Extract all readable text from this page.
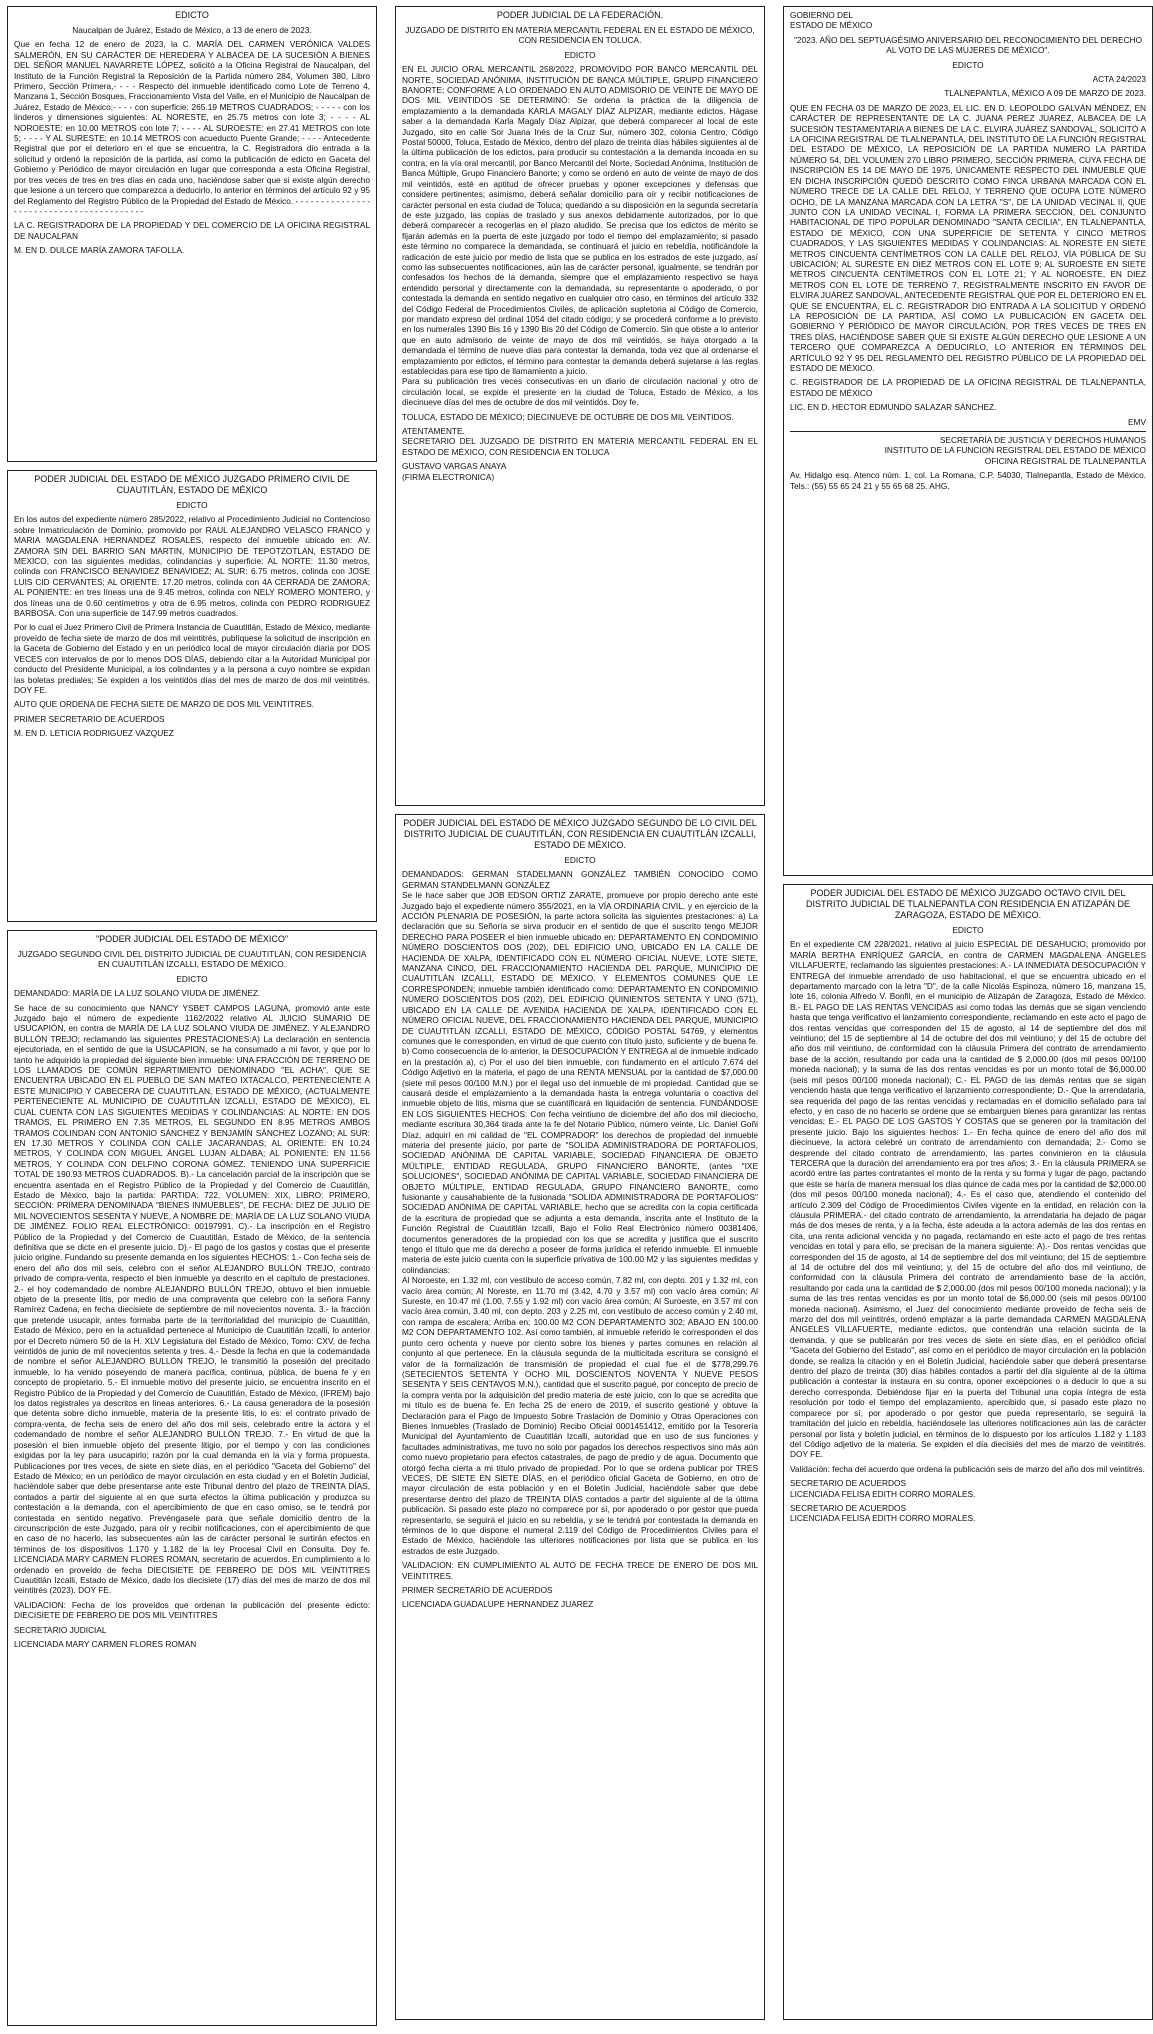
EDICTO

Naucalpan de Juárez, Estado de México, a 13 de enero de 2023.

Que en fecha 12 de enero de 2023, la C. MARÍA DEL CARMEN VERÓNICA VALDES SALMERÓN, EN SU CARÁCTER DE HEREDERA Y ALBACEA DE LA SUCESIÓN A BIENES DEL SEÑOR MANUEL NAVARRETE LÓPEZ, solicitó a la Oficina Registral de Naucalpan, del Instituto de la Función Registral la Reposición de la Partida número 284, Volumen 380, Libro Primero, Sección Primera,- - - - Respecto del inmueble identificado como Lote de Terreno 4, Manzana 1, Sección Bosques, Fraccionamiento Vista del Valle, en el Municipio de Naucalpan de Juárez, Estado de México;- - - - con superficie: 265.19 METROS CUADRADOS; - - - - - con los linderos y dimensiones siguientes: AL NORESTE, en 25.75 metros con lote 3; - - - - AL NOROESTE: en 10.00 METROS con lote 7; - - - - AL SUROESTE: en 27.41 METROS con lote 5; - - - - Y AL SURESTE: en 10.14 METROS con acueducto Puente Grande; - - - - Antecedente Registral que por el deterioro en el que se encuentra, la C. Registradora dio entrada a la solicitud y ordenó la reposición de la partida, así como la publicación de edicto en Gaceta del Gobierno y Periódico de mayor circulación en lugar que corresponda a esta Oficina Registral, por tres veces de tres en tres días en cada uno, haciéndose saber que si existe algún derecho que lesione a un tercero que comparezca a deducirlo, lo anterior en términos del artículo 92 y 95 del Reglamento del Registro Público de la Propiedad del Estado de México. - - - - - - - - - - - - - - - - - - - - - - - - - - - - - - - - - - - - - - - - -

LA C. REGISTRADORA DE LA PROPIEDAD Y DEL COMERCIO DE LA OFICINA REGISTRAL DE NAUCALPAN

M. EN D. DULCE MARÍA ZAMORA TAFOLLA.

PODER JUDICIAL DEL ESTADO DE MÉXICO JUZGADO PRIMERO CIVIL DE CUAUTITLÁN, ESTADO DE MÉXICO

EDICTO

En los autos del expediente número 285/2022, relativo al Procedimiento Judicial no Contencioso sobre Inmatriculación de Dominio, promovido por RAUL ALEJANDRO VELASCO FRANCO y MARIA MAGDALENA HERNANDEZ ROSALES, respecto del inmueble ubicado en: AV. ZAMORA SIN DEL BARRIO SAN MARTIN, MUNICIPIO DE TEPOTZOTLAN, ESTADO DE MEXICO, con las siguientes medidas, colindancias y superficie: AL NORTE: 11.30 metros, colinda con FRANCISCO BENAVIDEZ BENAVIDEZ; AL SUR: 6.75 metros, colinda con JOSE LUIS CID CERVANTES; AL ORIENTE: 17.20 metros, colinda con 4A CERRADA DE ZAMORA; AL PONIENTE: en tres líneas una de 9.45 metros, colinda con NELY ROMERO MONTERO, y dos líneas una de 0.60 centímetros y otra de 6.95 metros, colinda con PEDRO RODRIGUEZ BARBOSA. Con una superficie de 147.99 metros cuadrados.

Por lo cual el Juez Primero Civil de Primera Instancia de Cuautitlán, Estado de México, mediante proveído de fecha siete de marzo de dos mil veintitrés, publíquese la solicitud de inscripción en la Gaceta de Gobierno del Estado y en un periódico local de mayor circulación diaria por DOS VECES con intervalos de por lo menos DOS DÍAS, debiendo citar a la Autoridad Municipal por conducto del Presidente Municipal, a los colindantes y a la persona a cuyo nombre se expidan las boletas prediales; Se expiden a los veintidós días del mes de marzo de dos mil veintitrés. DOY FE.

AUTO QUE ORDENA DE FECHA SIETE DE MARZO DE DOS MIL VEINTITRES.

PRIMER SECRETARIO DE ACUERDOS

M. EN D. LETICIA RODRIGUEZ VAZQUEZ

"PODER JUDICIAL DEL ESTADO DE MÉXICO"

JUZGADO SEGUNDO CIVIL DEL DISTRITO JUDICIAL DE CUAUTITLÁN, CON RESIDENCIA EN CUAUTITLÁN IZCALLI, ESTADO DE MÉXICO.

EDICTO

DEMANDADO: MARÍA DE LA LUZ SOLANO VIUDA DE JIMÉNEZ.

Se hace de su conocimiento que NANCY YSBET CAMPOS LAGUNA, promovió ante este Juzgado bajo el número de expediente 1162/2022 relativo AL JUICIO SUMARIO DE USUCAPIÓN, en contra de MARÍA DE LA LUZ SOLANO VIUDA DE JIMÉNEZ. Y ALEJANDRO BULLÓN TREJO; reclamando las siguientes PRESTACIONES:A) La declaración en sentencia ejecutoriada, en el sentido de que la USUCAPION, se ha consumado a mi favor, y que por lo tanto he adquirido la propiedad del siguiente bien inmueble: UNA FRACCIÓN DE TERRENO DE LOS LLAMADOS DE COMÚN REPARTIMIENTO DENOMINADO "EL ACHA", QUE SE ENCUENTRA UBICADO EN EL PUEBLO DE SAN MATEO IXTACALCO, PERTENECIENTE A ESTE MUNICIPIO Y CABECERA DE CUAUTITLAN, ESTADO DE MÉXICO, (ACTUALMENTE PERTENECIENTE AL MUNICIPIO DE CUAUTITLÁN IZCALLI, ESTADO DE MÉXICO), EL CUAL CUENTA CON LAS SIGUIENTES MEDIDAS Y COLINDANCIAS: AL NORTE: EN DOS TRAMOS, EL PRIMERO EN 7.35 METROS, EL SEGUNDO EN 8.95 METROS AMBOS TRAMOS COLINDAN CON ANTONIO SÁNCHEZ Y BENJAMÍN SÁNCHEZ LOZANO; AL SUR: EN 17.30 METROS Y COLINDA CON CALLE JACARANDAS; AL ORIENTE: EN 10.24 METROS, Y COLINDA CON MIGUEL ÁNGEL LUJAN ALDABA; AL PONIENTE: EN 11.56 METROS, Y COLINDA CON DELFINO CORONA GÓMEZ. TENIENDO UNA SUPERFICIE TOTAL DE 190.93 METROS CUADRADOS. B).- La cancelación parcial de la inscripción que se encuentra asentada en el Registro Público de la Propiedad y del Comercio de Cuautitlán, Estado de México, bajo la partida: PARTIDA: 722, VOLUMEN: XIX, LIBRO: PRIMERO, SECCIÓN: PRIMERA DENOMINADA "BIENES INMUEBLES", DE FECHA: DIEZ DE JULIO DE MIL NOVECIENTOS SESENTA Y NUEVE, A NOMBRE DE: MARÍA DE LA LUZ SOLANO VIUDA DE JIMÉNEZ. FOLIO REAL ELECTRÓNICO: 00197991. C).- La inscripción en el Registro Público de la Propiedad y del Comercio de Cuautitlán, Estado de México, de la sentencia definitiva que se dicte en el presente juicio. D).- El pago de los gastos y costas que el presente juicio origine. Fundando su presente demanda en los siguientes HECHOS: 1.- Con fecha seis de enero del año dos mil seis, celebro con el señor ALEJANDRO BULLÓN TREJO, contrato privado de compra-venta, respecto el bien inmueble ya descrito en el capítulo de prestaciones. 2.- el hoy codemandado de nombre ALEJANDRO BULLÓN TREJO, obtuvo el bien inmueble objeto de la presente litis, por medio de una compraventa que celebro con la señora Fanny Ramírez Cadena, en fecha diecisiete de septiembre de mil novecientos noventa. 3.- la fracción que pretende usucapir, antes formaba parte de la territorialidad del municipio de Cuautitlán, Estado de México, pero en la actualidad pertenece al Municipio de Cuautitlán Izcalli, lo anterior por el Decreto número 50 de la H. XLV Legislatura del Estado de México, Tomo: CXV, de fecha veintidós de junio de mil novecientos setenta y tres. 4.- Desde la fecha en que la codemandada de nombre el señor ALEJANDRO BULLÓN TREJO, le transmitió la posesión del precitado inmueble, lo ha venido poseyendo de manera pacífica, continua, pública, de buena fe y en concepto de propietario. 5.- El inmueble motivo del presente juicio, se encuentra inscrito en el Registro Público de la Propiedad y del Comercio de Cuautitlán, Estado de México, (IFREM) bajo los datos registrales ya descritos en líneas anteriores. 6.- La causa generadora de la posesión que detenta sobre dicho inmueble, materia de la presente litis, lo es: el contrato privado de compra-venta, de fecha seis de enero del año dos mil seis, celebrado entre la actora y el codemandado de nombre el señor ALEJANDRO BULLÓN TREJO. 7.- En virtud de que la posesión el bien inmueble objeto del presente litigio, por el tiempo y con las condiciones exigidas por la ley para usucapirlo; razón por la cual demanda en la vía y forma propuesta. Publicaciones por tres veces, de siete en siete días, en el periódico "Gaceta del Gobierno" del Estado de México; en un periódico de mayor circulación en esta ciudad y en el Boletín Judicial, haciéndole saber que debe presentarse ante este Tribunal dentro del plazo de TREINTA DÍAS, contados a partir del siguiente al en que surta efectos la última publicación y produzca su contestación a la demanda, con el apercibimiento de que en caso omiso, se le tendrá por contestada en sentido negativo. Prevéngasele para que señale domicilio dentro de la circunscripción de este Juzgado, para oír y recibir notificaciones, con el apercibimiento de que en caso de no hacerlo, las subsecuentes aún las de carácter personal le surtirán efectos en términos de los dispositivos 1.170 y 1.182 de la ley Procesal Civil en Consulta. Doy fe. LICENCIADA MARY CARMEN FLORES ROMAN, secretario de acuerdos. En cumplimiento a lo ordenado en proveído de fecha DIECISIETE DE FEBRERO DE DOS MIL VEINTITRES Cuautitlán Izcalli, Estado de México, dado los diecisiete (17) días del mes de marzo de dos mil veintitrés (2023). DOY FE.

VALIDACION: Fecha de los proveídos que ordenan la publicación del presente edicto: DIECISIETE DE FEBRERO DE DOS MIL VEINTITRES

SECRETARIO JUDICIAL

LICENCIADA MARY CARMEN FLORES ROMAN

PODER JUDICIAL DE LA FEDERACIÓN.

JUZGADO DE DISTRITO EN MATERIA MERCANTIL FEDERAL EN EL ESTADO DE MÉXICO, CON RESIDENCIA EN TOLUCA.

EDICTO

EN EL JUICIO ORAL MERCANTIL 258/2022, PROMOVIDO POR BANCO MERCANTIL DEL NORTE, SOCIEDAD ANÓNIMA, INSTITUCIÓN DE BANCA MÚLTIPLE, GRUPO FINANCIERO BANORTE; CONFORME A LO ORDENADO EN AUTO ADMISORIO DE VEINTE DE MAYO DE DOS MIL VEINTIDÓS SE DETERMINÓ: Se ordena la práctica de la diligencia de emplazamiento a la demandada KARLA MAGALY DÍAZ ALPIZAR, mediante edictos. Hágase saber a la demandada Karla Magaly Díaz Alpizar, que deberá comparecer al local de este Juzgado, sito en calle Sor Juana Inés de la Cruz Sur, número 302, colonia Centro, Código Postal 50000, Toluca, Estado de México, dentro del plazo de treinta días hábiles siguientes al de la última publicación de los edictos, para producir su contestación a la demanda incoada en su contra, en la vía oral mercantil, por Banco Mercantil del Norte, Sociedad Anónima, Institución de Banca Múltiple, Grupo Financiero Banorte; y como se ordenó en auto de veinte de mayo de dos mil veintidós, esté en aptitud de ofrecer pruebas y oponer excepciones y defensas que considere pertinentes; asimismo, deberá señalar domicilio para oír y recibir notificaciones de carácter personal en esta ciudad de Toluca; quedando a su disposición en la segunda secretaría de este juzgado, las copias de traslado y sus anexos debidamente autorizados, por lo que deberá comparecer a recogerlas en el plazo aludido. Se precisa que los edictos de mérito se fijarán además en la puerta de este juzgado por todo el tiempo del emplazamiento; si pasado este término no comparece la demandada, se continuará el juicio en rebeldía, notificándole la radicación de este juicio por medio de lista que se publica en los estrados de este juzgado, así como las subsecuentes notificaciones, aún las de carácter personal, igualmente, se tendrán por confesados los hechos de la demanda, siempre que el emplazamiento respectivo se haya entendido personal y directamente con la demandada, su representante o apoderado, o por contestada la demanda en sentido negativo en cualquier otro caso, en términos del artículo 332 del Código Federal de Procedimientos Civiles, de aplicación supletoria al Código de Comercio, por mandato expreso del ordinal 1054 del citado código; y se procederá conforme a lo previsto en los numerales 1390 Bis 16 y 1390 Bis 20 del Código de Comercio. Sin que obste a lo anterior que en auto admisorio de veinte de mayo de dos mil veintidós, se haya otorgado a la demandada el término de nueve días para contestar la demanda, toda vez que al ordenarse el emplazamiento por edictos, el término para contestar la demanda deberá sujetarse a las reglas establecidas para ese tipo de llamamiento a juicio.
Para su publicación tres veces consecutivas en un diario de circulación nacional y otro de circulación local, se expide el presente en la ciudad de Toluca, Estado de México, a los diecinueve días del mes de octubre de dos mil veintidós. Doy fe.

TOLUCA, ESTADO DE MÉXICO; DIECINUEVE DE OCTUBRE DE DOS MIL VEINTIDOS.

ATENTAMENTE.
SECRETARIO DEL JUZGADO DE DISTRITO EN MATERIA MERCANTIL FEDERAL EN EL ESTADO DE MÉXICO, CON RESIDENCIA EN TOLUCA

GUSTAVO VARGAS ANAYA
(FIRMA ELECTRONICA)

PODER JUDICIAL DEL ESTADO DE MÉXICO JUZGADO SEGUNDO DE LO CIVIL DEL DISTRITO JUDICIAL DE CUAUTITLÁN, CON RESIDENCIA EN CUAUTITLÁN IZCALLI, ESTADO DE MÉXICO.

EDICTO

DEMANDADOS: GERMAN STADELMANN GONZÁLEZ TAMBIÉN CONOCIDO COMO GERMAN STANDELMANN GONZÁLEZ
Se le hace saber que JOB EDSON ORTIZ ZARATE, promueve por propio derecho ante este Juzgado bajo el expediente número 355/2021, en la VÍA ORDINARIA CIVIL, y en ejercicio de la ACCIÓN PLENARIA DE POSESIÓN, la parte actora solicita las siguientes prestaciones: a) La declaración que su Señoría se sirva producir en el sentido de que el suscrito tengo MEJOR DERECHO PARA POSEER el bien inmueble ubicado en: DEPARTAMENTO EN CONDOMINIO NÚMERO DOSCIENTOS DOS (202), DEL EDIFICIO UNO, UBICADO EN LA CALLE DE HACIENDA DE XALPA, IDENTIFICADO CON EL NÚMERO OFICIAL NUEVE, LOTE SIETE, MANZANA CINCO, DEL FRACCIONAMIENTO HACIENDA DEL PARQUE, MUNICIPIO DE CUAUTITLÁN IZCALLI, ESTADO DE MÉXICO. Y ELEMENTOS COMUNES QUE LE CORRESPONDEN; inmueble también identificado como: DEPARTAMENTO EN CONDOMINIO NÚMERO DOSCIENTOS DOS (202), DEL EDIFICIO QUINIENTOS SETENTA Y UNO (571), UBICADO EN LA CALLE DE AVENIDA HACIENDA DE XALPA, IDENTIFICADO CON EL NÚMERO OFICIAL NUEVE, DEL FRACCIONAMIENTO HACIENDA DEL PARQUE, MUNICIPIO DE CUAUTITLÁN IZCALLI, ESTADO DE MÉXICO, CÓDIGO POSTAL 54769, y elementos comunes que le corresponden, en virtud de que cuento con título justo, suficiente y de buena fe. b) Como consecuencia de lo anterior, la DESOCUPACIÓN Y ENTREGA al de inmueble indicado en la prestación a), c) Por el uso del bien inmueble, con fundamento en el artículo 7.674 del Código Adjetivo en la materia, el pago de una RENTA MENSUAL por la cantidad de $7,000.00 (siete mil pesos 00/100 M.N.) por el ilegal uso del inmueble de mi propiedad. Cantidad que se causará desde el emplazamiento a la demandada hasta la entrega voluntaria o coactiva del inmueble objeto de litis, misma que se cuantificará en liquidación de sentencia. FUNDÁNDOSE EN LOS SIGUIENTES HECHOS: Con fecha veintiuno de diciembre del año dos mil dieciocho, mediante escritura 30,364 tirada ante la fe del Notario Público, número veinte, Lic. Daniel Goñi Díaz, adquirí en mi calidad de "EL COMPRADOR" los derechos de propiedad del inmueble materia del presente juicio, por parte de "SOLIDA ADMINISTRADORA DE PORTAFOLIOS, SOCIEDAD ANÓNIMA DE CAPITAL VARIABLE, SOCIEDAD FINANCIERA DE OBJETO MÚLTIPLE, ENTIDAD REGULADA, GRUPO FINANCIERO BANORTE, (antes "IXE SOLUCIONES", SOCIEDAD ANÓNIMA DE CAPITAL VARIABLE, SOCIEDAD FINANCIERA DE OBJETO MÚLTIPLE, ENTIDAD REGULADA, GRUPO FINANCIERO BANORTE, como fusionante y causahabiente de la fusionada "SOLIDA ADMINISTRADORA DE PORTAFOLIOS" SOCIEDAD ANÓNIMA DE CAPITAL VARIABLE, hecho que se acredita con la copia certificada de la escritura de propiedad que se adjunta a esta demanda, inscrita ante el Instituto de la Función Registral de Cuautitlán Izcalli, Bajo el Folio Real Electrónico número 00381406, documentos generadores de la propiedad con los que se acredita y justifica que el suscrito tengo el título que me da derecho a poseer de forma jurídica el referido inmueble. El inmueble materia de este juicio cuenta con la superficie privativa de 100.00 M2 y las siguientes medidas y colindancias:
Al Noroeste, en 1.32 ml, con vestíbulo de acceso común, 7.82 ml, con depto. 201 y 1.32 ml, con vacío área común; Al Noreste, en 11.70 ml (3.42, 4.70 y 3.57 ml) con vacío área común; Al Sureste, en 10.47 ml (1.00, 7.55 y 1.92 ml) con vacío área común; Al Suroeste, en 3.57 ml con vacío área común, 3.40 ml, con depto. 203 y 2.25 ml, con vestíbulo de acceso común y 2.40 ml, con rampa de escalera; Arriba en: 100.00 M2 CON DEPARTAMENTO 302; ABAJO EN 100.00 M2 CON DEPARTAMENTO 102. Así como también, al inmueble referido le corresponden el dos punto cero ochenta y nueve por ciento sobre los bienes y partes comunes en relación al conjunto al que pertenece. En la cláusula segunda de la multicitada escritura se consignó el valor de la formalización de transmisión de propiedad el cual fue el de $778,299.76 (SETECIENTOS SETENTA Y OCHO MIL DOSCIENTOS NOVENTA Y NUEVE PESOS SESENTA Y SEIS CENTAVOS M.N.), cantidad que el suscrito pagué, por concepto de precio de la compra venta por la adquisición del predio materia de este juicio, con lo que se acredita que mi título es de buena fe. En fecha 25 de enero de 2019, el suscrito gestioné y obtuve la Declaración para el Pago de Impuesto Sobre Traslación de Dominio y Otras Operaciones con Bienes Inmuebles (Traslado de Dominio) Recibo Oficial 0001451412, emitido por la Tesorería Municipal del Ayuntamiento de Cuautitlán Izcalli, autoridad que en uso de sus funciones y facultades administrativas, me tuvo no solo por pagados los derechos respectivos sino más aún como nuevo propietario para efectos catastrales, de pago de predio y de agua. Documento que otorgó fecha cierta a mi título privado de propiedad. Por lo que se ordena publicar por TRES VECES, DE SIETE EN SIETE DÍAS, en el periódico oficial Gaceta de Gobierno, en otro de mayor circulación de esta población y en el Boletín Judicial, haciéndole saber que debe presentarse dentro del plazo de TREINTA DÍAS contados a partir del siguiente al de la última publicación. Si pasado este plazo no comparece por sí, por apoderado o por gestor que pueda representarlo, se seguirá el juicio en su rebeldía, y se le tendrá por contestada la demanda en términos de lo que dispone el numeral 2.119 del Código de Procedimientos Civiles para el Estado de México, haciéndole las ulteriores notificaciones por lista que se publica en los estrados de este Juzgado.

VALIDACION: EN CUMPLIMIENTO AL AUTO DE FECHA TRECE DE ENERO DE DOS MIL VEINTITRES.

PRIMER SECRETARIO DE ACUERDOS

LICENCIADA GUADALUPE HERNANDEZ JUAREZ

GOBIERNO DEL
ESTADO DE MÉXICO

"2023. AÑO DEL SEPTUAGÉSIMO ANIVERSARIO DEL RECONOCIMIENTO DEL DERECHO AL VOTO DE LAS MUJERES DE MÉXICO".

EDICTO

ACTA 24/2023

TLALNEPANTLA, MÉXICO A 09 DE MARZO DE 2023.

QUE EN FECHA 03 DE MARZO DE 2023, EL LIC. EN D. LEOPOLDO GALVÁN MÉNDEZ, EN CARÁCTER DE REPRESENTANTE DE LA C. JUANA PEREZ JUAREZ, ALBACEA DE LA SUCESIÓN TESTAMENTARIA A BIENES DE LA C. ELVIRA JUÁREZ SANDOVAL, SOLICITÓ A LA OFICINA REGISTRAL DE TLALNEPANTLA, DEL INSTITUTO DE LA FUNCIÓN REGISTRAL DEL ESTADO DE MÉXICO, LA REPOSICIÓN DE LA PARTIDA NUMERO LA PARTIDA NÚMERO 54, DEL VOLUMEN 270 LIBRO PRIMERO, SECCIÓN PRIMERA, CUYA FECHA DE INSCRIPCIÓN ES 14 DE MAYO DE 1975, ÚNICAMENTE RESPECTO DEL INMUEBLE QUE EN DICHA INSCRIPCIÓN QUEDÓ DESCRITO COMO FINCA URBANA MARCADA CON EL NÚMERO TRECE DE LA CALLE DEL RELOJ, Y TERRENO QUE OCUPA LOTE NÚMERO OCHO, DE LA MANZANA MARCADA CON LA LETRA "S", DE LA UNIDAD VECINAL II, QUE JUNTO CON LA UNIDAD VECINAL I, FORMA LA PRIMERA SECCIÓN, DEL CONJUNTO HABITACIONAL DE TIPO POPULAR DENOMINADO "SANTA CECILIA", EN TLALNEPANTLA, ESTADO DE MÉXICO, CON UNA SUPERFICIE DE SETENTA Y CINCO METROS CUADRADOS, Y LAS SIGUIENTES MEDIDAS Y COLINDANCIAS: AL NORESTE EN SIETE METROS CINCUENTA CENTÍMETROS CON LA CALLE DEL RELOJ, VÍA PÚBLICA DE SU UBICACIÓN; AL SURESTE EN DIEZ METROS CON EL LOTE 9; AL SUROESTE EN SIETE METROS CINCUENTA CENTÍMETROS CON EL LOTE 21; Y AL NOROESTE, EN DIEZ METROS CON EL LOTE DE TERRENO 7, REGISTRALMENTE INSCRITO EN FAVOR DE ELVIRA JUÁREZ SANDOVAL, ANTECEDENTE REGISTRAL QUE POR EL DETERIORO EN EL QUE SE ENCUENTRA, EL C. REGISTRADOR DIO ENTRADA A LA SOLICITUD Y ORDENÓ LA REPOSICIÓN DE LA PARTIDA, ASÍ COMO LA PUBLICACIÓN EN GACETA DEL GOBIERNO Y PERIÓDICO DE MAYOR CIRCULACIÓN, POR TRES VECES DE TRES EN TRES DÍAS, HACIÉNDOSE SABER QUE SI EXISTE ALGÚN DERECHO QUE LESIONE A UN TERCERO QUE COMPAREZCA A DEDUCIRLO, LO ANTERIOR EN TÉRMINOS DEL ARTÍCULO 92 Y 95 DEL REGLAMENTO DEL REGISTRO PÚBLICO DE LA PROPIEDAD DEL ESTADO DE MÉXICO.

C. REGISTRADOR DE LA PROPIEDAD DE LA OFICINA REGISTRAL DE TLALNEPANTLA, ESTADO DE MÉXICO

LIC. EN D. HECTOR EDMUNDO SALAZAR SÁNCHEZ.

EMV

SECRETARÍA DE JUSTICIA Y DERECHOS HUMANOS
INSTITUTO DE LA FUNCION REGISTRAL DEL ESTADO DE MÉXICO
OFICINA REGISTRAL DE TLALNEPANTLA

Av. Hidalgo esq. Atenco núm. 1, col. La Romana, C.P. 54030, Tlalnepantla, Estado de México. Tels.: (55) 55 65 24 21 y 55 65 68 25. AHG.

PODER JUDICIAL DEL ESTADO DE MÉXICO JUZGADO OCTAVO CIVIL DEL DISTRITO JUDICIAL DE TLALNEPANTLA CON RESIDENCIA EN ATIZAPÁN DE ZARAGOZA, ESTADO DE MÉXICO.

EDICTO

En el expediente CM 228/2021, relativo al juicio ESPECIAL DE DESAHUCIO, promovido por MARÍA BERTHA ENRÍQUEZ GARCÍA, en contra de CARMEN MAGDALENA ÁNGELES VILLAFUERTE, reclamando las siguientes prestaciones: A.- LA INMEDIATA DESOCUPACIÓN Y ENTREGA del inmueble arrendado de uso habitacional, el que se encuentra ubicado en el departamento marcado con la letra "D", de la calle Nicolás Espinoza, número 16, manzana 15, lote 16, colonia Alfredo V. Bonfil, en el municipio de Atizapán de Zaragoza, Estado de México. B.- EL PAGO DE LAS RENTAS VENCIDAS así como todas las demás que se sigan venciendo hasta que tenga verificativo el lanzamiento correspondiente, reclamando en este acto el pago de dos rentas vencidas que corresponden del 15 de agosto, al 14 de septiembre del dos mil veintiuno; del 15 de septiembre al 14 de octubre del dos mil veintiuno; y del 15 de octubre del año dos mil veintiuno, de conformidad con la cláusula Primera del contrato de arrendamiento base de la acción, resultando por cada una la cantidad de $ 2,000.00 (dos mil pesos 00/100 moneda nacional); y la suma de las dos rentas vencidas es por un monto total de $6,000.00 (seis mil pesos 00/100 moneda nacional); C.- EL PAGO de las demás rentas que se sigan venciendo hasta que tenga verificativo el lanzamiento correspondiente; D.- Que la arrendataria, sea requerida del pago de las rentas vencidas y reclamadas en el domicilio señalado para tal efecto, y en caso de no hacerlo se ordene que se embarguen bienes para garantizar las rentas vencidas; E.- EL PAGO DE LOS GASTOS Y COSTAS que se generen por la tramitación del presente juicio. Bajo los siguientes hechos: 1.- En fecha quince de enero del año dos mil diecinueve, la actora celebré un contrato de arrendamiento con demandada; 2.- Como se desprende del citado contrato de arrendamiento, las partes convinieron en la cláusula TERCERA que la duración del arrendamiento era por tres años; 3.- En la cláusula PRIMERA se acordó entre las partes contratantes el monto de la renta y su forma y lugar de pago, pactando que este se haría de manera mensual los días quince de cada mes por la cantidad de $2,000.00 (dos mil pesos 00/100 moneda nacional); 4.- Es el caso que, atendiendo el contenido del artículo 2.309 del Código de Procedimientos Civiles vigente en la entidad, en relación con la cláusula PRIMERA.- del citado contrato de arrendamiento, la arrendataria ha dejado de pagar más de dos meses de renta, y a la fecha, éste adeuda a la actora además de las dos rentas en cita, una renta adicional vencida y no pagada, reclamando en este acto el pago de tres rentas vencidas en total y para ello, se precisan de la manera siguiente: A).- Dos rentas vencidas que corresponden del 15 de agosto, al 14 de septiembre del dos mil veintiuno; del 15 de septiembre al 14 de octubre del dos mil veintiuno; y, del 15 de octubre del año dos mil veintiuno, de conformidad con la cláusula Primera del contrato de arrendamiento base de la acción, resultando por cada una la cantidad de $ 2,000.00 (dos mil pesos 00/100 moneda nacional); y la suma de las tres rentas vencidas es por un monto total de $6,000.00 (seis mil pesos 00/100 moneda nacional). Asimismo, el Juez del conocimiento mediante proveído de fecha seis de marzo del dos mil veintitrés, ordenó emplazar a la parte demandada CARMEN MAGDALENA ÁNGELES VILLAFUERTE, mediante edictos, que contendrán una relación sucinta de la demanda, y que se publicarán por tres veces de siete en siete días, en el periódico oficial "Gaceta del Gobierno del Estado", así como en el periódico de mayor circulación en la población donde, se realiza la citación y en el Boletín Judicial, haciéndole saber que deberá presentarse dentro del plazo de treinta (30) días hábiles contados a partir del día siguiente al de la última publicación a contestar la instaura en su contra, oponer excepciones o a deducir lo que a su derecho corresponda. Debiéndose fijar en la puerta del Tribunal una copia íntegra de esta resolución por todo el tiempo del emplazamiento, apercibido que, si pasado este plazo no comparece por sí, por apoderado o por gestor que pueda representarlo, se seguirá la tramitación del juicio en rebeldía, haciéndosele las ulteriores notificaciones aún las de carácter personal por lista y boletín judicial, en términos de lo dispuesto por los artículos 1.182 y 1.183 del Código adjetivo de la materia. Se expiden el día diecisiés del mes de marzo de veintitrés. DOY FE.

Validación: fecha del acuerdo que ordena la publicación seis de marzo del año dos mil veintitrés.

SECRETARIO DE ACUERDOS
LICENCIADA FELISA EDITH CORRO MORALES.

SECRETARIO DE ACUERDOS
LICENCIADA FELISA EDITH CORRO MORALES.
